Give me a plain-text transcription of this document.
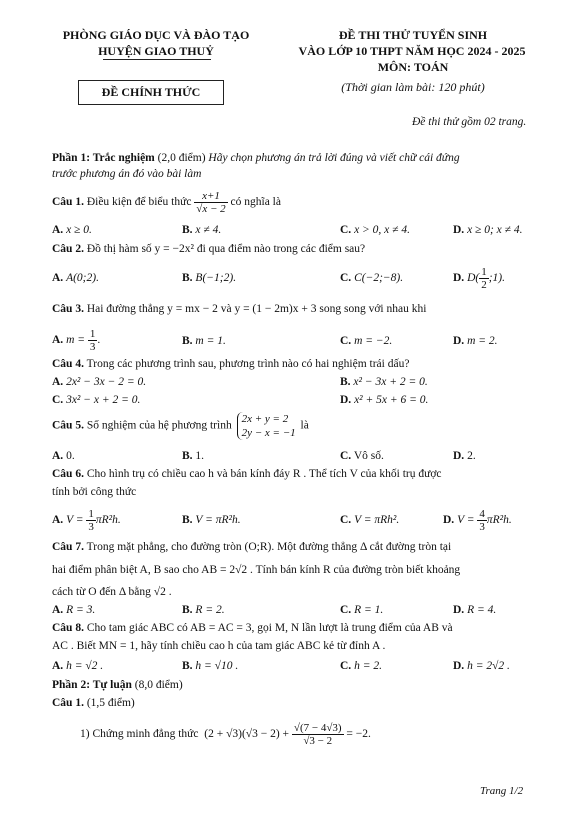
PHÒNG GIÁO DỤC VÀ ĐÀO TẠO
HUYỆN GIAO THUỶ
ĐỀ THI THỬ TUYỂN SINH
VÀO LỚP 10 THPT NĂM HỌC 2024 - 2025
MÔN: TOÁN
(Thời gian làm bài: 120 phút)
ĐỀ CHÍNH THỨC
Đề thi thử gồm 02 trang.
Phần 1: Trắc nghiệm (2,0 điểm) Hãy chọn phương án trả lời đúng và viết chữ cái đứng
trước phương án đó vào bài làm
Câu 1. Điều kiện để biểu thức $\frac{x+1}{√x - 2}$ có nghĩa là
A. x ≥ 0.	B. x ≠ 4.	C. x > 0, x ≠ 4.	D. x ≥ 0; x ≠ 4.
Câu 2. Đồ thị hàm số y = −2x² đi qua điểm nào trong các điểm sau?
A. A(0;2).	B. B(−1;2).	C. C(−2;−8).	D. $D( \frac{1}{2}$ ;1).
Câu 3. Hai đường thẳng y = mx − 2 và y = (1 − 2m)x + 3 song song với nhau khi
A. $m = \frac{1}{3}$ .	B. m = 1.	C. m = −2.	D. m = 2.
Câu 4. Trong các phương trình sau, phương trình nào có hai nghiệm trái dấu?
A. 2x² − 3x − 2 = 0.	B. x² − 3x + 2 = 0.
C. 3x² − x + 2 = 0.	D. x² + 5x + 6 = 0.
Câu 5. Số nghiệm của hệ phương trình
2x + y = 2
2y − x = −1
là
A. 0.	B. 1.	C. Vô số.	D. 2.
Câu 6. Cho hình trụ có chiều cao h và bán kính đáy R . Thể tích V của khối trụ được
tính bởi công thức
A. $V = \frac{1}{3} \pi R^2h$.	B. V = πR²h.	C. V = πRh².	D. $V = \frac{4}{3} \pi R^2h$.
Câu 7. Trong mặt phẳng, cho đường tròn (O;R). Một đường thẳng Δ cắt đường tròn tại
hai điểm phân biệt A, B sao cho AB = 2√2 . Tính bán kính R của đường tròn biết khoảng
cách từ O đến Δ bằng √2 .
A. R = 3.	B. R = 2.	C. R = 1.	D. R = 4.
Câu 8. Cho tam giác ABC có AB = AC = 3, gọi M, N lần lượt là trung điểm của AB và
AC . Biết MN = 1, hãy tính chiều cao h của tam giác ABC kẻ từ đỉnh A .
A. h = √2 .	B. h = √10 .	C. h = 2.	D. h = 2√2 .
Phần 2: Tự luận (8,0 điểm)
Câu 1. (1,5 điểm)
1) Chứng minh đẳng thức $(2 + √3)(√3 - 2) + \frac{√(7 - 4√3)}{√3 - 2} = -2$.
Trang 1/2
